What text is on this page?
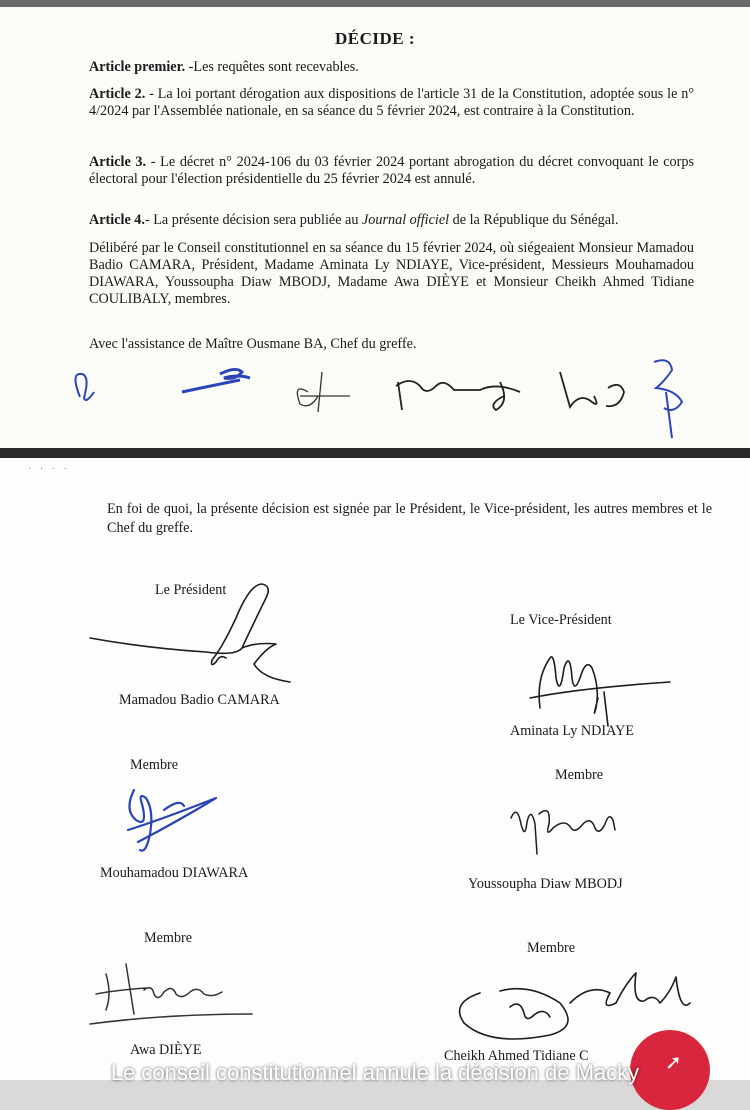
DÉCIDE :

Article premier. -Les requêtes sont recevables.

Article 2. - La loi portant dérogation aux dispositions de l'article 31 de la Constitution, adoptée sous le n° 4/2024 par l'Assemblée nationale, en sa séance du 5 février 2024, est contraire à la Constitution.

Article 3. - Le décret n° 2024-106 du 03 février 2024 portant abrogation du décret convoquant le corps électoral pour l'élection présidentielle du 25 février 2024 est annulé.

Article 4.- La présente décision sera publiée au Journal officiel de la République du Sénégal.

Délibéré par le Conseil constitutionnel en sa séance du 15 février 2024, où siégeaient Monsieur Mamadou Badio CAMARA, Président, Madame Aminata Ly NDIAYE, Vice-président, Messieurs Mouhamadou DIAWARA, Youssoupha Diaw MBODJ, Madame Awa DIÈYE et Monsieur Cheikh Ahmed Tidiane COULIBALY, membres.

Avec l'assistance de Maître Ousmane BA, Chef du greffe.

· · · ·

En foi de quoi, la présente décision est signée par le Président, le Vice-président, les autres membres et le Chef du greffe.

Le Président
Mamadou Badio CAMARA
Le Vice-Président
Aminata Ly NDIAYE
Membre
Mouhamadou DIAWARA
Membre
Youssoupha Diaw MBODJ
Membre
Awa DIÈYE
Membre
Cheikh Ahmed Tidiane C	➚
Le conseil constitutionnel annule la décision de Macky
